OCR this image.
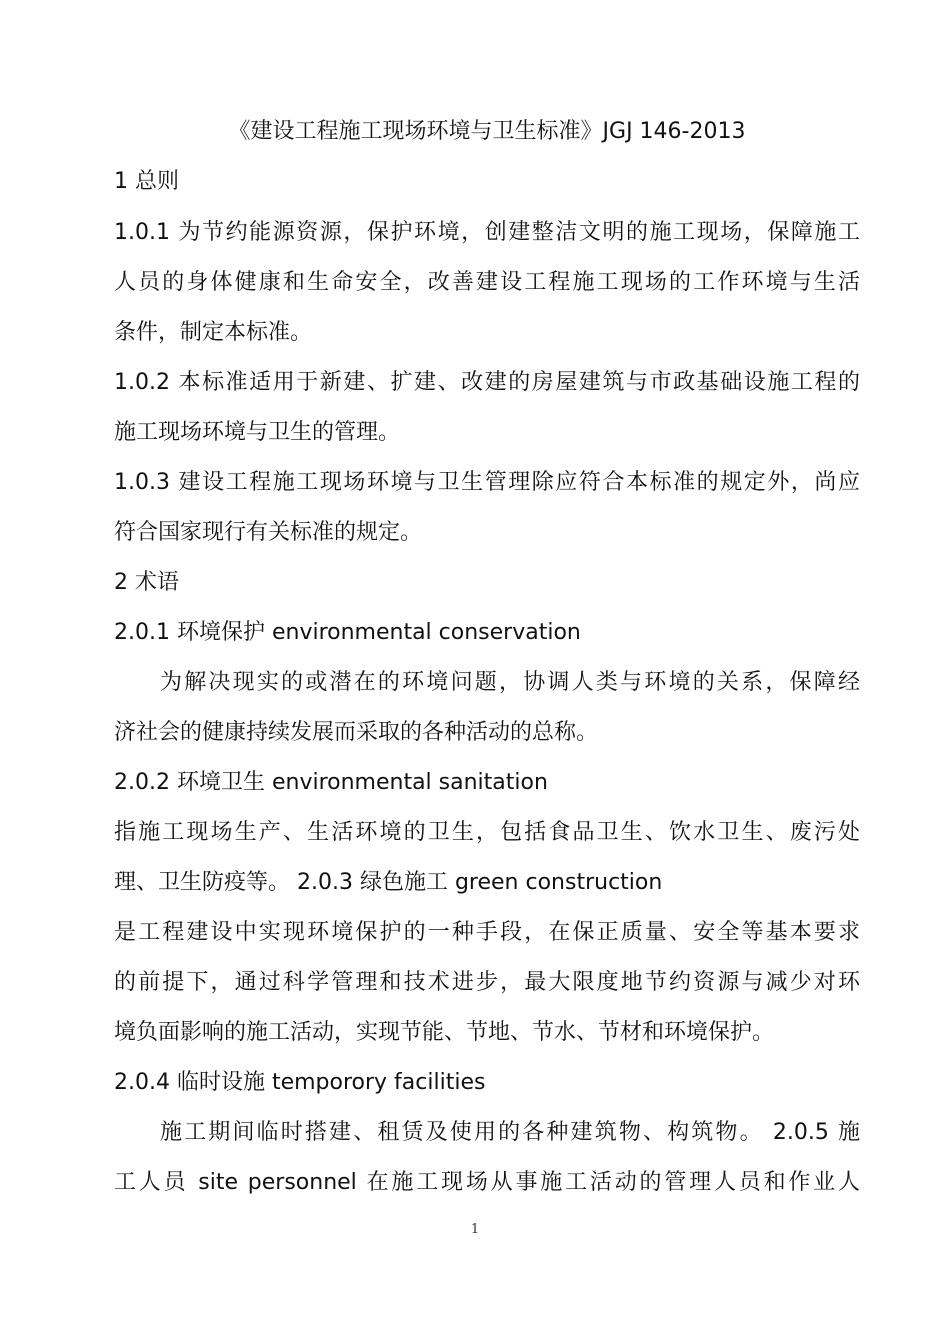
《建设工程施工现场环境与卫生标准》JGJ 146-2013
1 总则
1.0.1 为节约能源资源，保护环境，创建整洁文明的施工现场，保障施工
人员的身体健康和生命安全，改善建设工程施工现场的工作环境与生活
条件，制定本标准。
1.0.2 本标准适用于新建、扩建、改建的房屋建筑与市政基础设施工程的
施工现场环境与卫生的管理。
1.0.3 建设工程施工现场环境与卫生管理除应符合本标准的规定外，尚应
符合国家现行有关标准的规定。
2 术语
2.0.1 环境保护 environmental conservation
为解决现实的或潜在的环境问题，协调人类与环境的关系，保障经
济社会的健康持续发展而采取的各种活动的总称。
2.0.2 环境卫生 environmental sanitation
指施工现场生产、生活环境的卫生，包括食品卫生、饮水卫生、废污处
理、卫生防疫等。 2.0.3 绿色施工 green construction
是工程建设中实现环境保护的一种手段，在保正质量、安全等基本要求
的前提下，通过科学管理和技术进步，最大限度地节约资源与减少对环
境负面影响的施工活动，实现节能、节地、节水、节材和环境保护。
2.0.4 临时设施 temporory facilities
施工期间临时搭建、租赁及使用的各种建筑物、构筑物。 2.0.5 施
工人员 site personnel 在施工现场从事施工活动的管理人员和作业人
1
